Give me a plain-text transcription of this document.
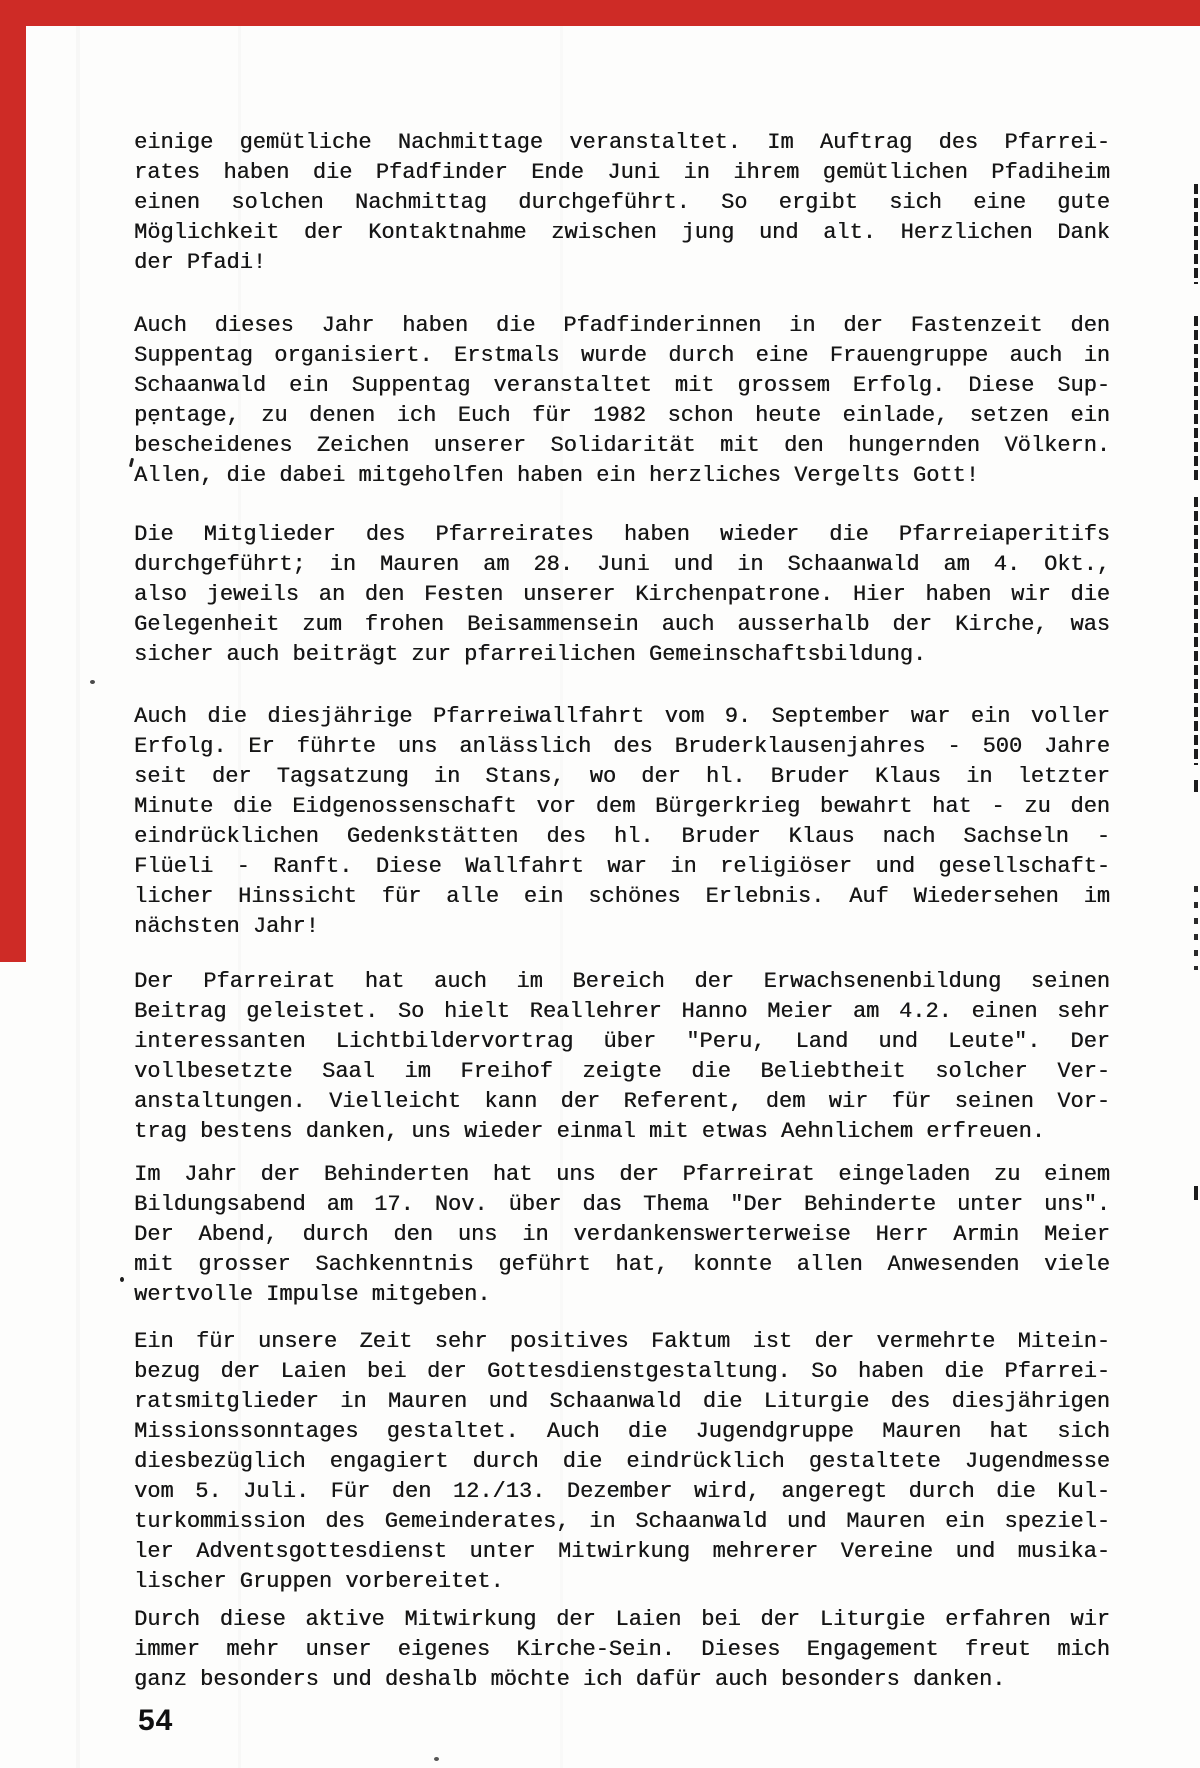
einige gemütliche Nachmittage veranstaltet. Im Auftrag des Pfarrei-
rates haben die Pfadfinder Ende Juni in ihrem gemütlichen Pfadiheim
einen solchen Nachmittag durchgeführt. So ergibt sich eine gute
Möglichkeit der Kontaktnahme zwischen jung und alt. Herzlichen Dank
der Pfadi!
Auch dieses Jahr haben die Pfadfinderinnen in der Fastenzeit den
Suppentag organisiert. Erstmals wurde durch eine Frauengruppe auch in
Schaanwald ein Suppentag veranstaltet mit grossem Erfolg. Diese Sup-
pẹntage, zu denen ich Euch für 1982 schon heute einlade, setzen ein
bescheidenes Zeichen unserer Solidarität mit den hungernden Völkern.
Allen, die dabei mitgeholfen haben ein herzliches Vergelts Gott!
Die Mitglieder des Pfarreirates haben wieder die Pfarreiaperitifs
durchgeführt; in Mauren am 28. Juni und in Schaanwald am 4. Okt.,
also jeweils an den Festen unserer Kirchenpatrone. Hier haben wir die
Gelegenheit zum frohen Beisammensein auch ausserhalb der Kirche, was
sicher auch beiträgt zur pfarreilichen Gemeinschaftsbildung.
Auch die diesjährige Pfarreiwallfahrt vom 9. September war ein voller
Erfolg. Er führte uns anlässlich des Bruderklausenjahres - 500 Jahre
seit der Tagsatzung in Stans, wo der hl. Bruder Klaus in letzter
Minute die Eidgenossenschaft vor dem Bürgerkrieg bewahrt hat - zu den
eindrücklichen Gedenkstätten des hl. Bruder Klaus nach Sachseln -
Flüeli - Ranft. Diese Wallfahrt war in religiöser und gesellschaft-
licher Hinssicht für alle ein schönes Erlebnis. Auf Wiedersehen im
nächsten Jahr!
Der Pfarreirat hat auch im Bereich der Erwachsenenbildung seinen
Beitrag geleistet. So hielt Reallehrer Hanno Meier am 4.2. einen sehr
interessanten Lichtbildervortrag über "Peru, Land und Leute". Der
vollbesetzte Saal im Freihof zeigte die Beliebtheit solcher Ver-
anstaltungen. Vielleicht kann der Referent, dem wir für seinen Vor-
trag bestens danken, uns wieder einmal mit etwas Aehnlichem erfreuen.
Im Jahr der Behinderten hat uns der Pfarreirat eingeladen zu einem
Bildungsabend am 17. Nov. über das Thema "Der Behinderte unter uns".
Der Abend, durch den uns in verdankenswerterweise Herr Armin Meier
mit grosser Sachkenntnis geführt hat, konnte allen Anwesenden viele
wertvolle Impulse mitgeben.
Ein für unsere Zeit sehr positives Faktum ist der vermehrte Mitein-
bezug der Laien bei der Gottesdienstgestaltung. So haben die Pfarrei-
ratsmitglieder in Mauren und Schaanwald die Liturgie des diesjährigen
Missionssonntages gestaltet. Auch die Jugendgruppe Mauren hat sich
diesbezüglich engagiert durch die eindrücklich gestaltete Jugendmesse
vom 5. Juli. Für den 12./13. Dezember wird, angeregt durch die Kul-
turkommission des Gemeinderates, in Schaanwald und Mauren ein speziel-
ler Adventsgottesdienst unter Mitwirkung mehrerer Vereine und musika-
lischer Gruppen vorbereitet.
Durch diese aktive Mitwirkung der Laien bei der Liturgie erfahren wir
immer mehr unser eigenes Kirche-Sein. Dieses Engagement freut mich
ganz besonders und deshalb möchte ich dafür auch besonders danken.
54
